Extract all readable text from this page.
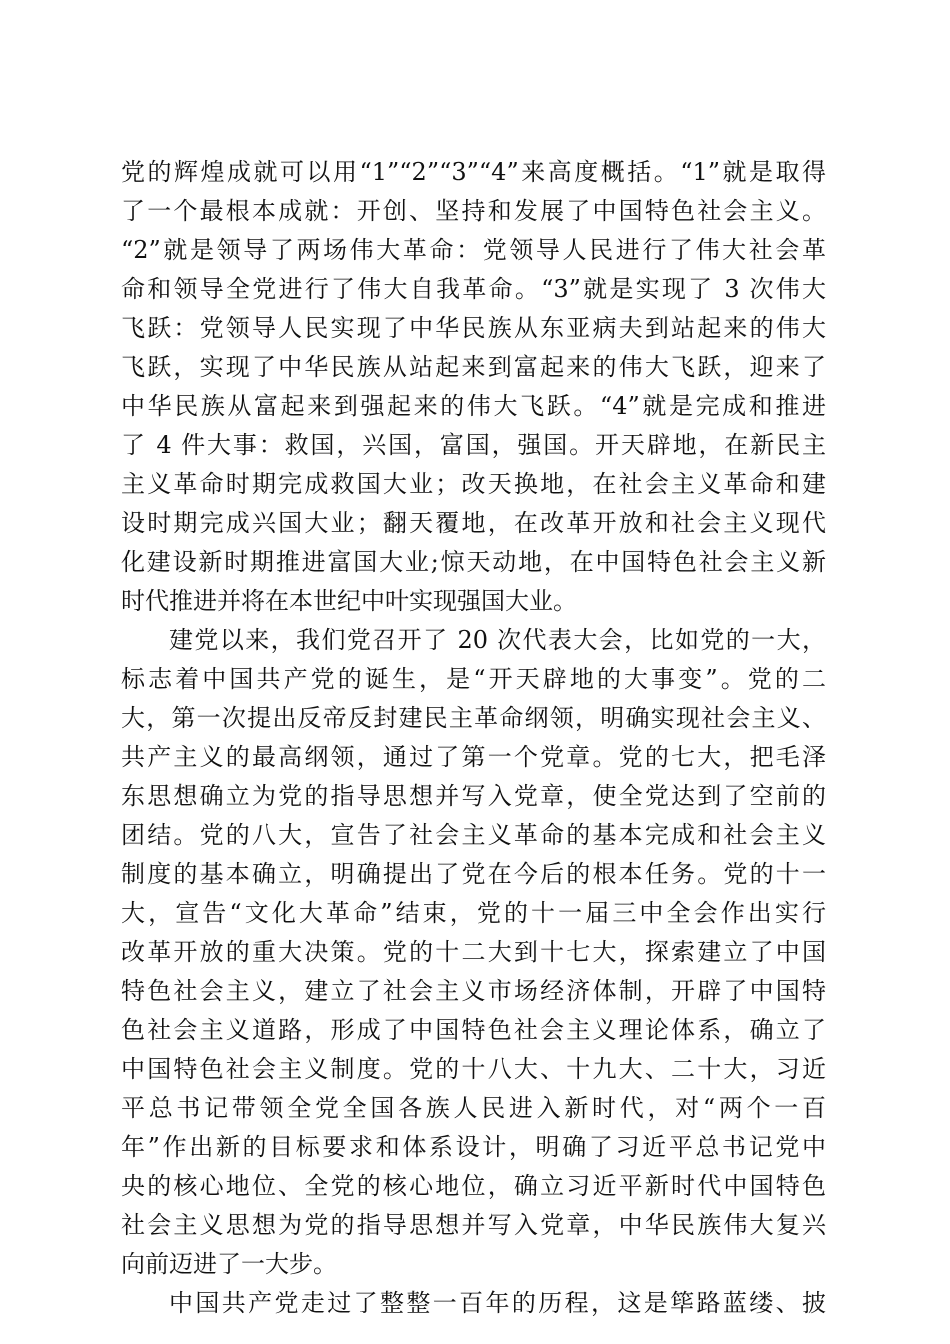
党的辉煌成就可以用“1”“2”“3”“4”来高度概括。“1”就是取得
了一个最根本成就：开创、坚持和发展了中国特色社会主义。
“2”就是领导了两场伟大革命：党领导人民进行了伟大社会革
命和领导全党进行了伟大自我革命。“3”就是实现了 3 次伟大
飞跃：党领导人民实现了中华民族从东亚病夫到站起来的伟大
飞跃，实现了中华民族从站起来到富起来的伟大飞跃，迎来了
中华民族从富起来到强起来的伟大飞跃。“4”就是完成和推进
了 4 件大事：救国，兴国，富国，强国。开天辟地，在新民主
主义革命时期完成救国大业；改天换地，在社会主义革命和建
设时期完成兴国大业；翻天覆地，在改革开放和社会主义现代
化建设新时期推进富国大业;惊天动地，在中国特色社会主义新
时代推进并将在本世纪中叶实现强国大业。
建党以来，我们党召开了 20 次代表大会，比如党的一大，
标志着中国共产党的诞生，是“开天辟地的大事变”。党的二
大，第一次提出反帝反封建民主革命纲领，明确实现社会主义、
共产主义的最高纲领，通过了第一个党章。党的七大，把毛泽
东思想确立为党的指导思想并写入党章，使全党达到了空前的
团结。党的八大，宣告了社会主义革命的基本完成和社会主义
制度的基本确立，明确提出了党在今后的根本任务。党的十一
大，宣告“文化大革命”结束，党的十一届三中全会作出实行
改革开放的重大决策。党的十二大到十七大，探索建立了中国
特色社会主义，建立了社会主义市场经济体制，开辟了中国特
色社会主义道路，形成了中国特色社会主义理论体系，确立了
中国特色社会主义制度。党的十八大、十九大、二十大，习近
平总书记带领全党全国各族人民进入新时代，对“两个一百
年”作出新的目标要求和体系设计，明确了习近平总书记党中
央的核心地位、全党的核心地位，确立习近平新时代中国特色
社会主义思想为党的指导思想并写入党章，中华民族伟大复兴
向前迈进了一大步。
中国共产党走过了整整一百年的历程，这是筚路蓝缕、披
